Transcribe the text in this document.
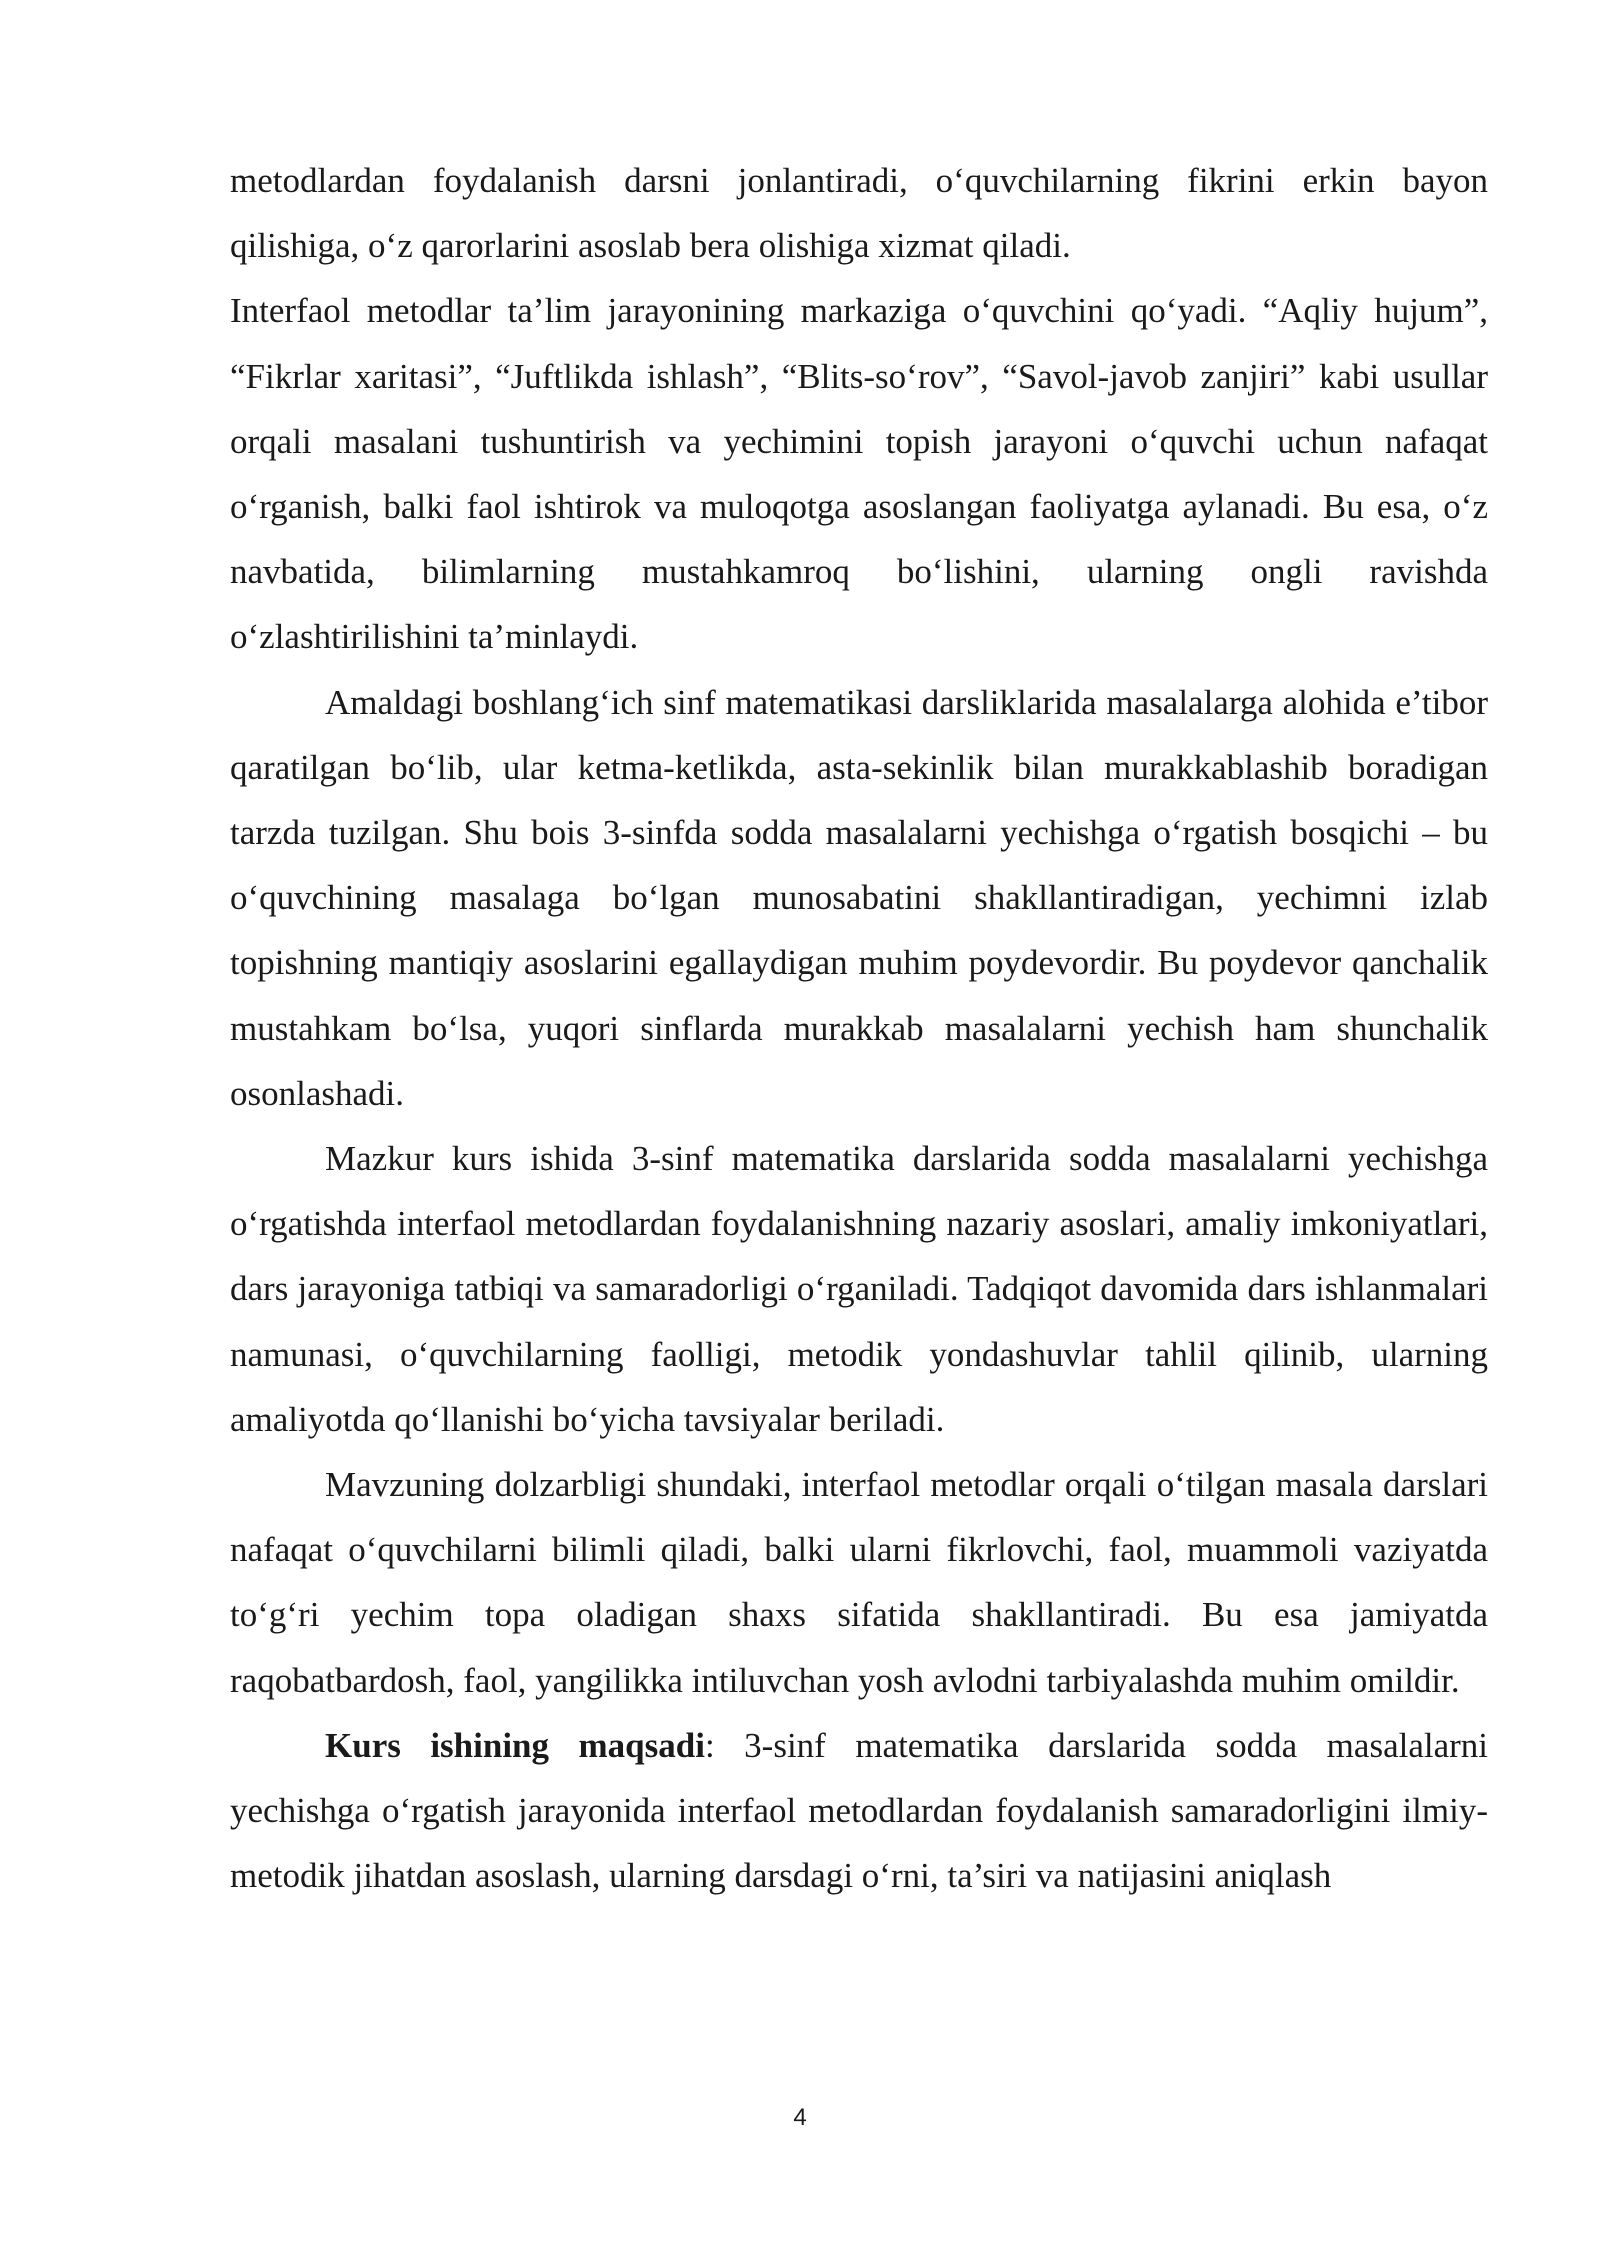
metodlardan foydalanish darsni jonlantiradi, o‘quvchilarning fikrini erkin bayon qilishiga, o‘z qarorlarini asoslab bera olishiga xizmat qiladi.

Interfaol metodlar ta’lim jarayonining markaziga o‘quvchini qo‘yadi. “Aqliy hujum”, “Fikrlar xaritasi”, “Juftlikda ishlash”, “Blits-so‘rov”, “Savol-javob zanjiri” kabi usullar orqali masalani tushuntirish va yechimini topish jarayoni o‘quvchi uchun nafaqat o‘rganish, balki faol ishtirok va muloqotga asoslangan faoliyatga aylanadi. Bu esa, o‘z navbatida, bilimlarning mustahkamroq bo‘lishini, ularning ongli ravishda o‘zlashtirilishini ta’minlaydi.

Amaldagi boshlang‘ich sinf matematikasi darsliklarida masalalarga alohida e’tibor qaratilgan bo‘lib, ular ketma-ketlikda, asta-sekinlik bilan murakkablashib boradigan tarzda tuzilgan. Shu bois 3-sinfda sodda masalalarni yechishga o‘rgatish bosqichi – bu o‘quvchining masalaga bo‘lgan munosabatini shakllantiradigan, yechimni izlab topishning mantiqiy asoslarini egallaydigan muhim poydevordir. Bu poydevor qanchalik mustahkam bo‘lsa, yuqori sinflarda murakkab masalalarni yechish ham shunchalik osonlashadi.

Mazkur kurs ishida 3-sinf matematika darslarida sodda masalalarni yechishga o‘rgatishda interfaol metodlardan foydalanishning nazariy asoslari, amaliy imkoniyatlari, dars jarayoniga tatbiqi va samaradorligi o‘rganiladi. Tadqiqot davomida dars ishlanmalari namunasi, o‘quvchilarning faolligi, metodik yondashuvlar tahlil qilinib, ularning amaliyotda qo‘llanishi bo‘yicha tavsiyalar beriladi.

Mavzuning dolzarbligi shundaki, interfaol metodlar orqali o‘tilgan masala darslari nafaqat o‘quvchilarni bilimli qiladi, balki ularni fikrlovchi, faol, muammoli vaziyatda to‘g‘ri yechim topa oladigan shaxs sifatida shakllantiradi. Bu esa jamiyatda raqobatbardosh, faol, yangilikka intiluvchan yosh avlodni tarbiyalashda muhim omildir.

Kurs ishining maqsadi: 3-sinf matematika darslarida sodda masalalarni yechishga o‘rgatish jarayonida interfaol metodlardan foydalanish samaradorligini ilmiy-metodik jihatdan asoslash, ularning darsdagi o‘rni, ta’siri va natijasini aniqlash

4
